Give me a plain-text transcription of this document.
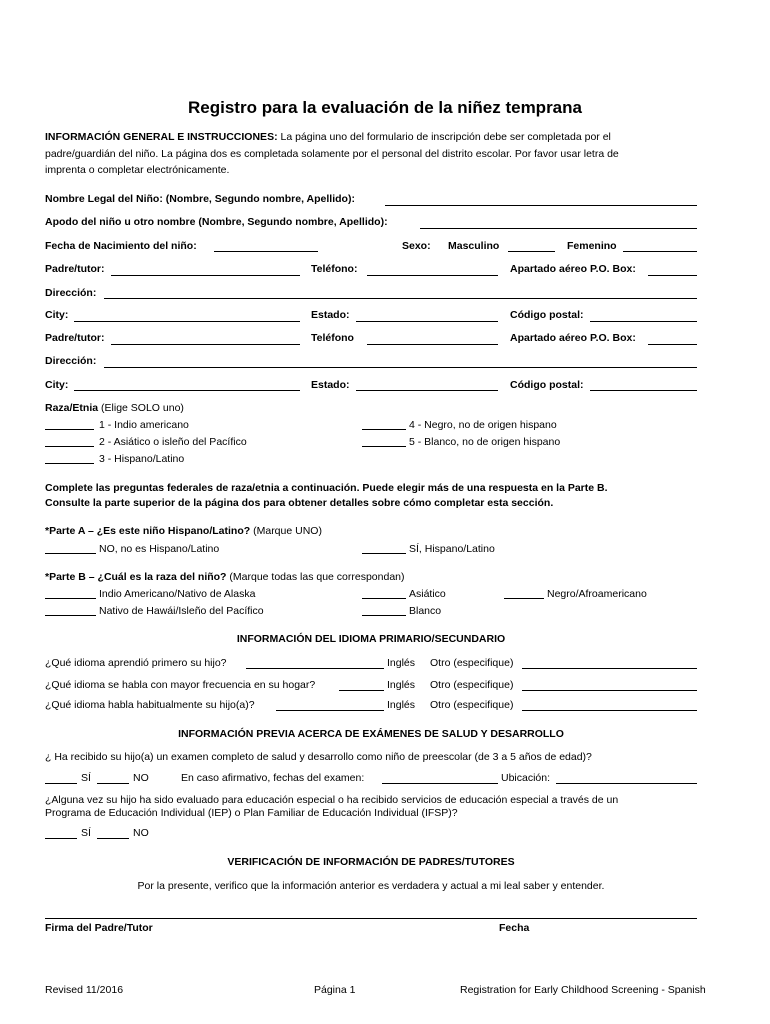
Registro para la evaluación de la niñez temprana
INFORMACIÓN GENERAL E INSTRUCCIONES: La página uno del formulario de inscripción debe ser completada por el
padre/guardián del niño. La página dos es completada solamente por el personal del distrito escolar. Por favor usar letra de
imprenta o completar electrónicamente.
Nombre Legal del Niño: (Nombre, Segundo nombre, Apellido):
Apodo del niño u otro nombre (Nombre, Segundo nombre, Apellido):
Fecha de Nacimiento del niño:	Sexo: Masculino	Femenino
Padre/tutor:	Teléfono:	Apartado aéreo P.O. Box:
Dirección:
City:	Estado:	Código postal:
Padre/tutor:	Teléfono	Apartado aéreo P.O. Box:
Dirección:
City:	Estado:	Código postal:
Raza/Etnia (Elige SOLO uno)
1 - Indio americano
2 - Asiático o isleño del Pacífico
3 - Hispano/Latino
4 - Negro, no de origen hispano
5 - Blanco, no de origen hispano
Complete las preguntas federales de raza/etnia a continuación. Puede elegir más de una respuesta en la Parte B.
Consulte la parte superior de la página dos para obtener detalles sobre cómo completar esta sección.
*Parte A – ¿Es este niño Hispano/Latino? (Marque UNO)
NO, no es Hispano/Latino	SÍ, Hispano/Latino
*Parte B – ¿Cuál es la raza del niño? (Marque todas las que correspondan)
Indio Americano/Nativo de Alaska	Asiático	Negro/Afroamericano
Nativo de Hawái/Isleño del Pacífico	Blanco
INFORMACIÓN DEL IDIOMA PRIMARIO/SECUNDARIO
¿Qué idioma aprendió primero su hijo?	Inglés Otro (especifique)
¿Qué idioma se habla con mayor frecuencia en su hogar?	Inglés Otro (especifique)
¿Qué idioma habla habitualmente su hijo(a)?	Inglés Otro (especifique)
INFORMACIÓN PREVIA ACERCA DE EXÁMENES DE SALUD Y DESARROLLO
¿ Ha recibido su hijo(a) un examen completo de salud y desarrollo como niño de preescolar (de 3 a 5 años de edad)?
SÍ	NO	En caso afirmativo, fechas del examen:	Ubicación:
¿Alguna vez su hijo ha sido evaluado para educación especial o ha recibido servicios de educación especial a través de un
Programa de Educación Individual (IEP) o Plan Familiar de Educación Individual (IFSP)?
SÍ	NO
VERIFICACIÓN DE INFORMACIÓN DE PADRES/TUTORES
Por la presente, verifico que la información anterior es verdadera y actual a mi leal saber y entender.
Firma del Padre/Tutor	Fecha
Revised 11/2016	Página 1	Registration for Early Childhood Screening - Spanish
